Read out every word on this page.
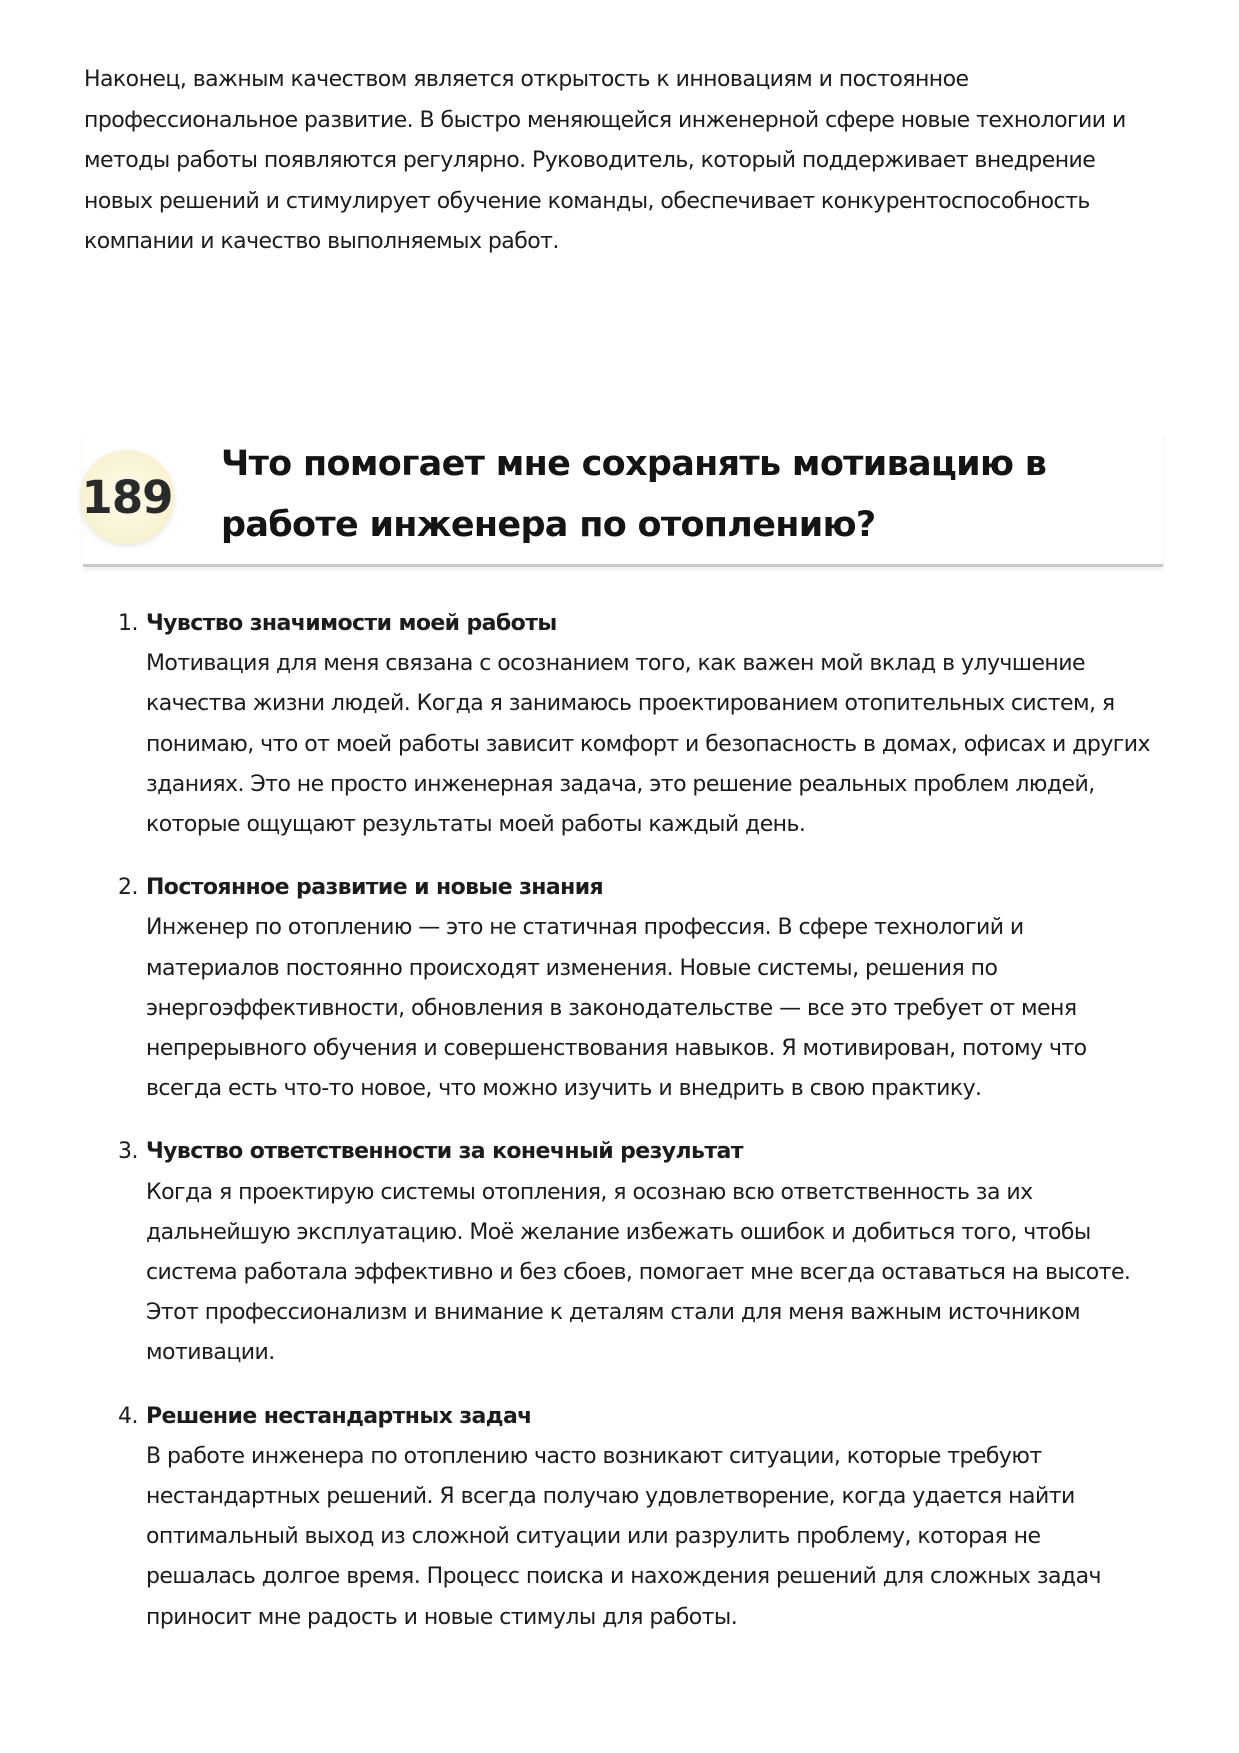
Наконец, важным качеством является открытость к инновациям и постоянное профессиональное развитие. В быстро меняющейся инженерной сфере новые технологии и методы работы появляются регулярно. Руководитель, который поддерживает внедрение новых решений и стимулирует обучение команды, обеспечивает конкурентоспособность компании и качество выполняемых работ.

189
Что помогает мне сохранять мотивацию в работе инженера по отоплению?
1. Чувство значимости моей работы
Мотивация для меня связана с осознанием того, как важен мой вклад в улучшение качества жизни людей. Когда я занимаюсь проектированием отопительных систем, я понимаю, что от моей работы зависит комфорт и безопасность в домах, офисах и других зданиях. Это не просто инженерная задача, это решение реальных проблем людей, которые ощущают результаты моей работы каждый день.
2. Постоянное развитие и новые знания
Инженер по отоплению — это не статичная профессия. В сфере технологий и материалов постоянно происходят изменения. Новые системы, решения по энергоэффективности, обновления в законодательстве — все это требует от меня непрерывного обучения и совершенствования навыков. Я мотивирован, потому что всегда есть что-то новое, что можно изучить и внедрить в свою практику.
3. Чувство ответственности за конечный результат
Когда я проектирую системы отопления, я осознаю всю ответственность за их дальнейшую эксплуатацию. Моё желание избежать ошибок и добиться того, чтобы система работала эффективно и без сбоев, помогает мне всегда оставаться на высоте. Этот профессионализм и внимание к деталям стали для меня важным источником мотивации.
4. Решение нестандартных задач
В работе инженера по отоплению часто возникают ситуации, которые требуют нестандартных решений. Я всегда получаю удовлетворение, когда удается найти оптимальный выход из сложной ситуации или разрулить проблему, которая не решалась долгое время. Процесс поиска и нахождения решений для сложных задач приносит мне радость и новые стимулы для работы.
